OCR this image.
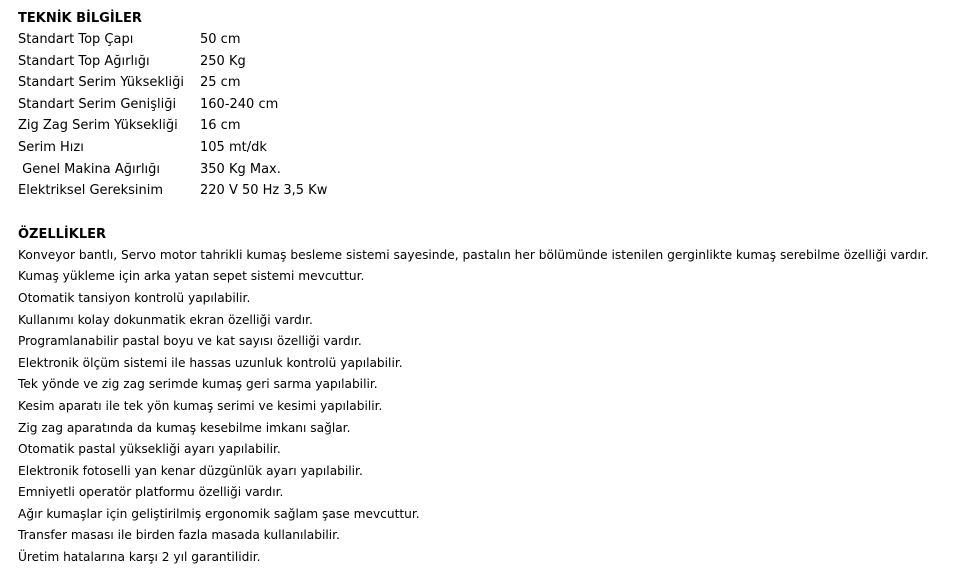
TEKNİK BİLGİLER
Standart Top Çapı	50 cm
Standart Top Ağırlığı	250 Kg
Standart Serim Yüksekliği	25 cm
Standart Serim Genişliği	160-240 cm
Zig Zag Serim Yüksekliği	16 cm
Serim Hızı	105 mt/dk
Genel Makina Ağırlığı	350 Kg Max.
Elektriksel Gereksinim	220 V 50 Hz 3,5 Kw
ÖZELLİKLER
Konveyor bantlı, Servo motor tahrikli kumaş besleme sistemi sayesinde, pastalın her bölümünde istenilen gerginlikte kumaş serebilme özelliği vardır.
Kumaş yükleme için arka yatan sepet sistemi mevcuttur.
Otomatik tansiyon kontrolü yapılabilir.
Kullanımı kolay dokunmatik ekran özelliği vardır.
Programlanabilir pastal boyu ve kat sayısı özelliği vardır.
Elektronik ölçüm sistemi ile hassas uzunluk kontrolü yapılabilir.
Tek yönde ve zig zag serimde kumaş geri sarma yapılabilir.
Kesim aparatı ile tek yön kumaş serimi ve kesimi yapılabilir.
Zig zag aparatında da kumaş kesebilme imkanı sağlar.
Otomatik pastal yüksekliği ayarı yapılabilir.
Elektronik fotoselli yan kenar düzgünlük ayarı yapılabilir.
Emniyetli operatör platformu özelliği vardır.
Ağır kumaşlar için geliştirilmiş ergonomik sağlam şase mevcuttur.
Transfer masası ile birden fazla masada kullanılabilir.
Üretim hatalarına karşı 2 yıl garantilidir.
